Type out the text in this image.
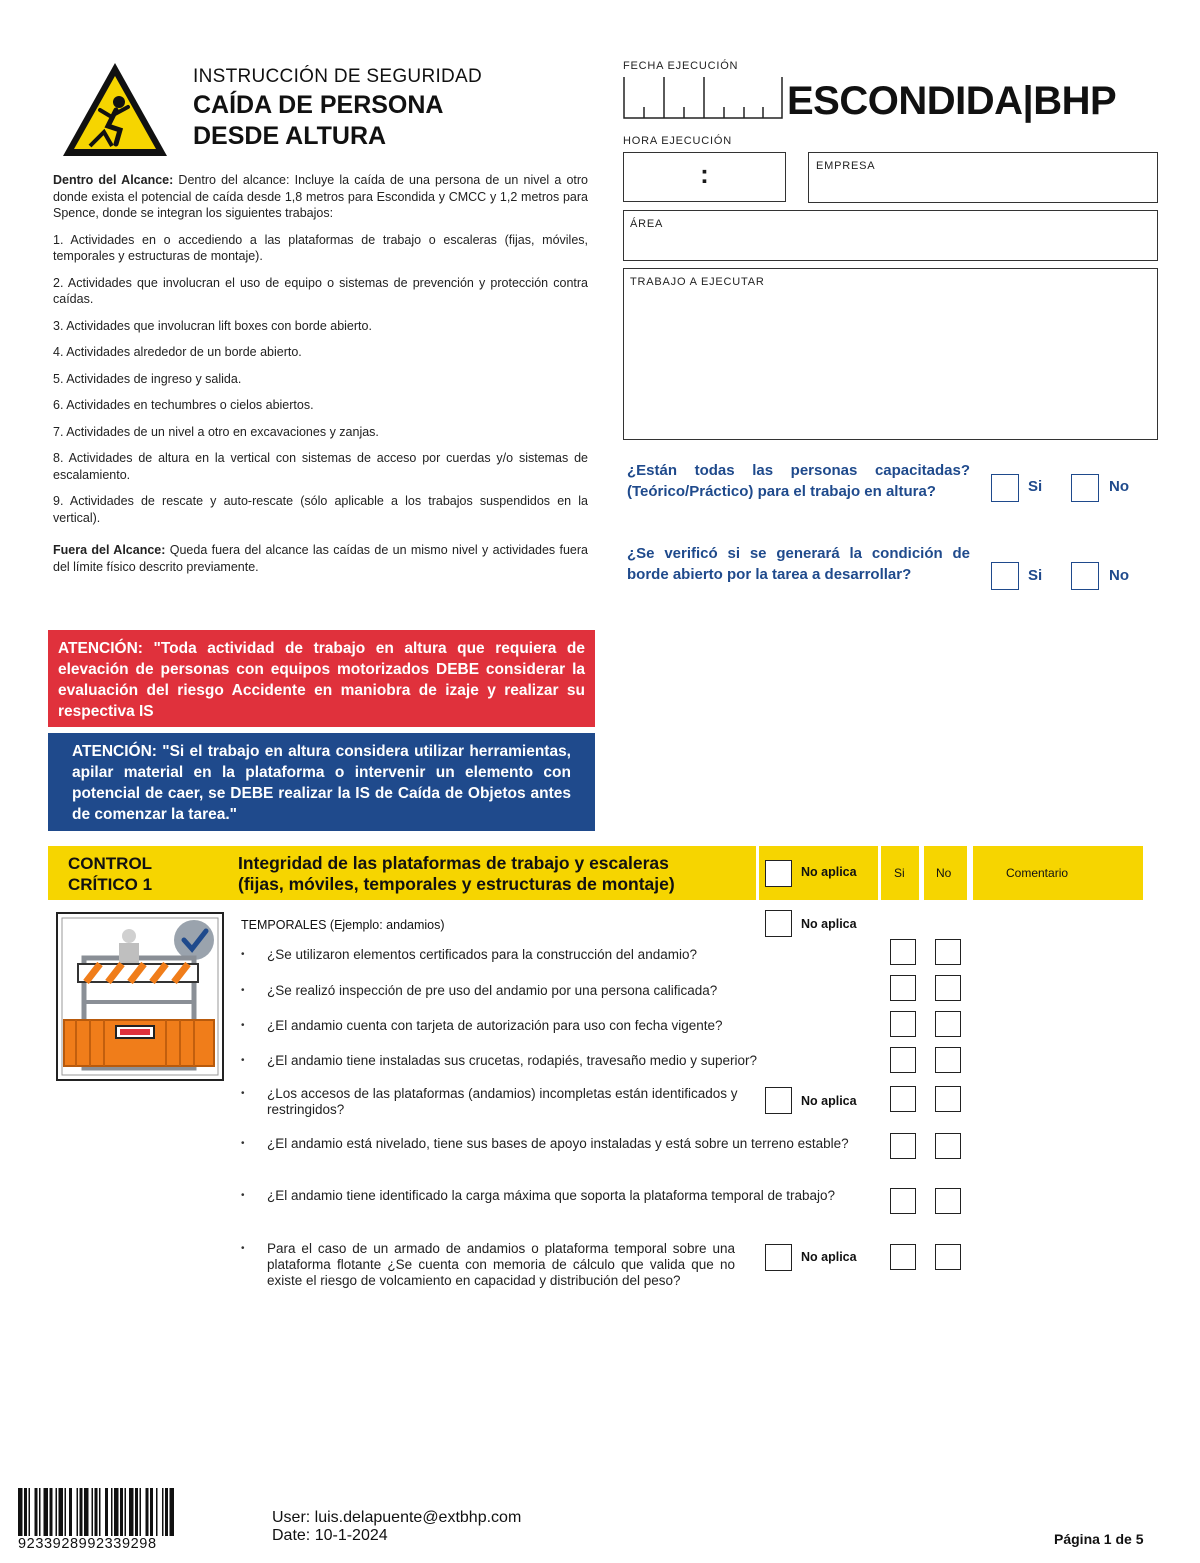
INSTRUCCIÓN DE SEGURIDAD
CAÍDA DE PERSONA
DESDE ALTURA

Dentro del Alcance: Dentro del alcance: Incluye la caída de una persona de un nivel a otro donde exista el potencial de caída desde 1,8 metros para Escondida y CMCC y 1,2 metros para Spence, donde se integran los siguientes trabajos:

1. Actividades en o accediendo a las plataformas de trabajo o escaleras (fijas, móviles, temporales y estructuras de montaje).

2. Actividades que involucran el uso de equipo o sistemas de prevención y protección contra caídas.

3. Actividades que involucran lift boxes con borde abierto.

4. Actividades alrededor de un borde abierto.

5. Actividades de ingreso y salida.

6. Actividades en techumbres o cielos abiertos.

7. Actividades de un nivel a otro en excavaciones y zanjas.

8. Actividades de altura en la vertical con sistemas de acceso por cuerdas y/o sistemas de escalamiento.

9. Actividades de rescate y auto-rescate (sólo aplicable a los trabajos suspendidos en la vertical).

Fuera del Alcance: Queda fuera del alcance las caídas de un mismo nivel y actividades fuera del límite físico descrito previamente.

ATENCIÓN: "Toda actividad de trabajo en altura que requiera de elevación de personas con equipos motorizados DEBE considerar la evaluación del riesgo Accidente en maniobra de izaje y realizar su respectiva IS
ATENCIÓN: "Si el trabajo en altura considera utilizar herramientas, apilar material en la plataforma o intervenir un elemento con potencial de caer, se DEBE realizar la IS de Caída de Objetos antes de comenzar la tarea."
FECHA EJECUCIÓN
ESCONDIDA|BHP
HORA EJECUCIÓN
:	EMPRESA
ÁREA
TRABAJO A EJECUTAR
¿Están todas las personas capacitadas? (Teórico/Práctico) para el trabajo en altura?	Si	No
¿Se verificó si se generará la condición de borde abierto por la tarea a desarrollar?	Si	No
CONTROL
CRÍTICO 1
Integridad de las plataformas de trabajo y escaleras
(fijas, móviles, temporales y estructuras de montaje)
No aplica	Si	No	Comentario
TEMPORALES (Ejemplo: andamios)	No aplica
• ¿Se utilizaron elementos certificados para la construcción del andamio?
• ¿Se realizó inspección de pre uso del andamio por una persona calificada?
• ¿El andamio cuenta con tarjeta de autorización para uso con fecha vigente?
• ¿El andamio tiene instaladas sus crucetas, rodapiés, travesaño medio y superior?
• ¿Los accesos de las plataformas (andamios) incompletas están identificados y restringidos?
No aplica
• ¿El andamio está nivelado, tiene sus bases de apoyo instaladas y está sobre un terreno estable?
• ¿El andamio tiene identificado la carga máxima que soporta la plataforma temporal de trabajo?
• Para el caso de un armado de andamios o plataforma temporal sobre una plataforma flotante ¿Se cuenta con memoria de cálculo que valida que no existe el riesgo de volcamiento en capacidad y distribución del peso?
No aplica
9233928992339298
User: luis.delapuente@extbhp.com
Date: 10-1-2024	Página 1 de 5
